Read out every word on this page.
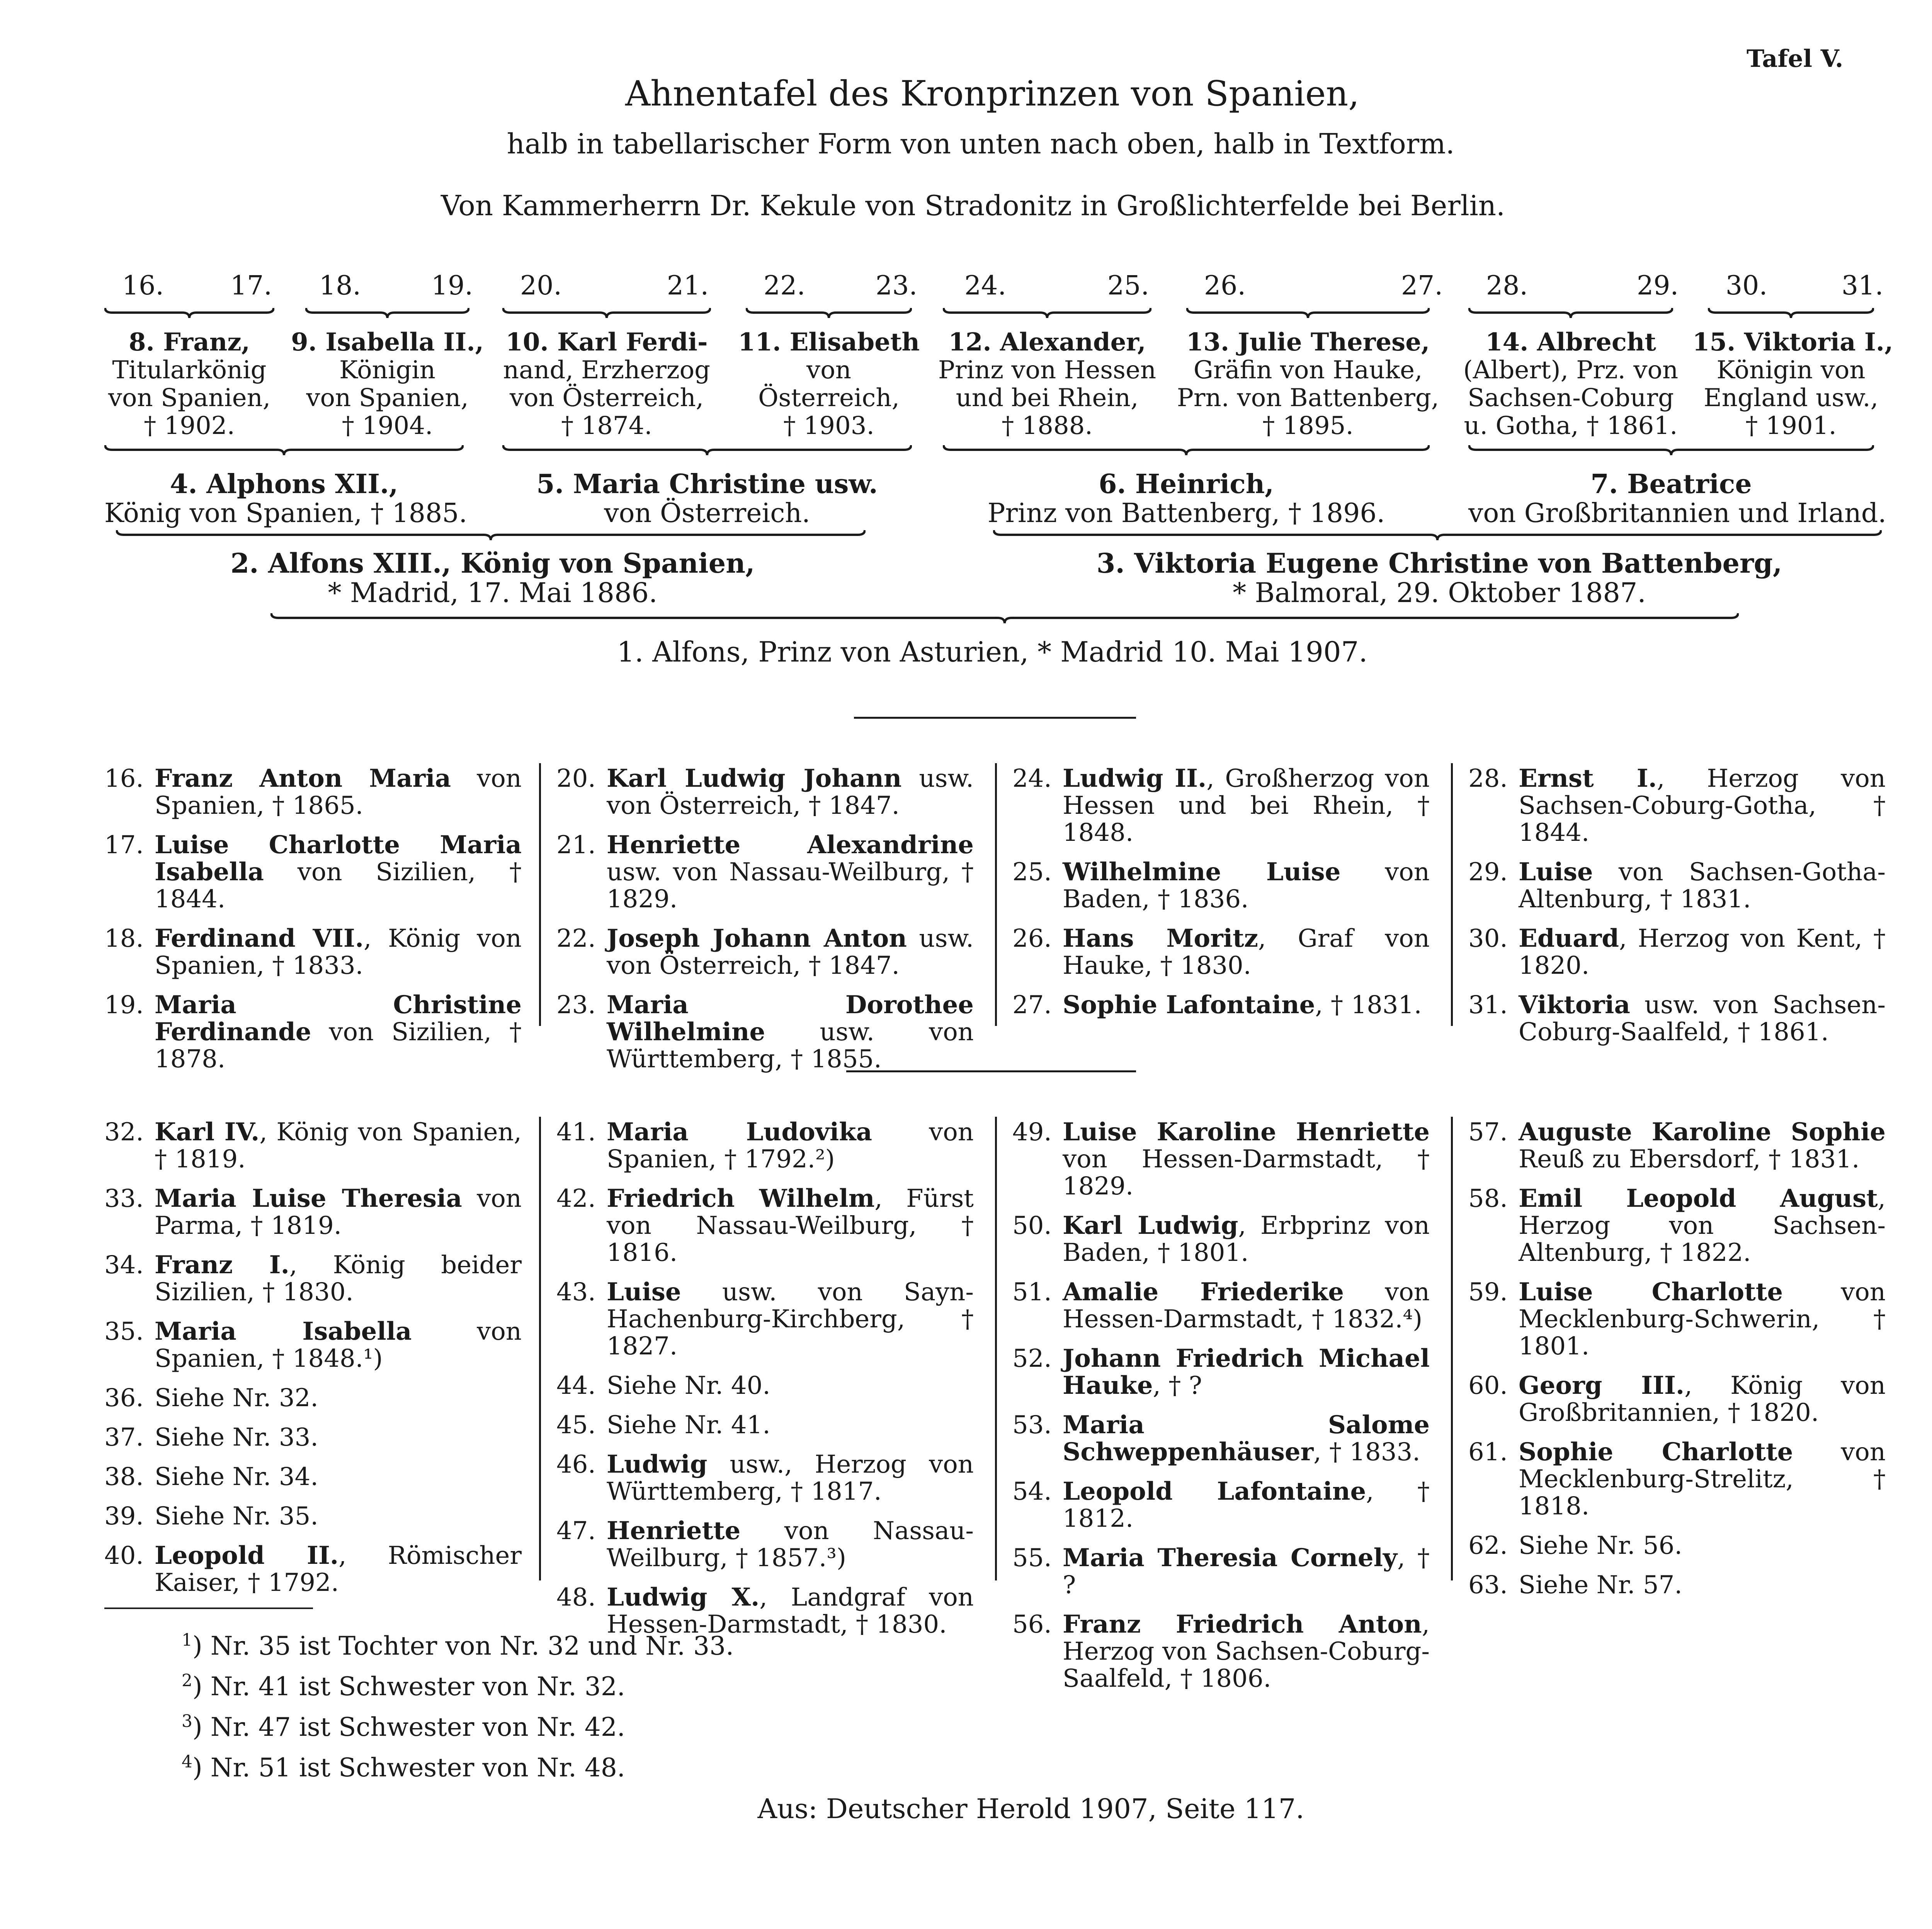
Tafel V.
Ahnentafel des Kronprinzen von Spanien,
halb in tabellarischer Form von unten nach oben, halb in Textform.
Von Kammerherrn Dr. Kekule von Stradonitz in Großlichterfelde bei Berlin.
16.	17. 18.	19. 20.	21. 22.	23. 24.	25. 26.	27. 28.	29. 30.	31.
8. Franz,
Titularkönig
von Spanien,
† 1902.
9. Isabella II.,
Königin
von Spanien,
† 1904.
10. Karl Ferdi-
nand, Erzherzog
von Österreich,
† 1874.
11. Elisabeth
von
Österreich,
† 1903.
12. Alexander,
Prinz von Hessen
und bei Rhein,
† 1888.
13. Julie Therese,
Gräfin von Hauke,
Prn. von Battenberg,
† 1895.
14. Albrecht
(Albert), Prz. von
Sachsen-Coburg
u. Gotha, † 1861.
15. Viktoria I.,
Königin von
England usw.,
† 1901.
4. Alphons XII.,
König von Spanien, † 1885.
5. Maria Christine usw.
von Österreich.
6. Heinrich,
Prinz von Battenberg, † 1896.
7. Beatrice
von Großbritannien und Irland.
2. Alfons XIII., König von Spanien,
* Madrid, 17. Mai 1886.
3. Viktoria Eugene Christine von Battenberg,
* Balmoral, 29. Oktober 1887.
1. Alfons, Prinz von Asturien, * Madrid 10. Mai 1907.
16. Franz Anton Maria von Spanien, † 1865.
17. Luise Charlotte Maria Isabella von Sizilien, † 1844.
18. Ferdinand VII., König von Spanien, † 1833.
19. Maria Christine Ferdinande von Sizilien, † 1878.
20. Karl Ludwig Johann usw. von Österreich, † 1847.
21. Henriette Alexandrine usw. von Nassau-Weilburg, † 1829.
22. Joseph Johann Anton usw. von Österreich, † 1847.
23. Maria Dorothee Wilhelmine usw. von Württemberg, † 1855.
24. Ludwig II., Großherzog von Hessen und bei Rhein, † 1848.
25. Wilhelmine Luise von Baden, † 1836.
26. Hans Moritz, Graf von Hauke, † 1830.
27. Sophie Lafontaine, † 1831.
28. Ernst I., Herzog von Sachsen-Coburg-Gotha, † 1844.
29. Luise von Sachsen-Gotha-Altenburg, † 1831.
30. Eduard, Herzog von Kent, † 1820.
31. Viktoria usw. von Sachsen-Coburg-Saalfeld, † 1861.
32. Karl IV., König von Spanien, † 1819.
33. Maria Luise Theresia von Parma, † 1819.
34. Franz I., König beider Sizilien, † 1830.
35. Maria Isabella von Spanien, † 1848.¹)
36. Siehe Nr. 32.
37. Siehe Nr. 33.
38. Siehe Nr. 34.
39. Siehe Nr. 35.
40. Leopold II., Römischer Kaiser, † 1792.
41. Maria Ludovika von Spanien, † 1792.²)
42. Friedrich Wilhelm, Fürst von Nassau-Weilburg, † 1816.
43. Luise usw. von Sayn-Hachenburg-Kirchberg, † 1827.
44. Siehe Nr. 40.
45. Siehe Nr. 41.
46. Ludwig usw., Herzog von Württemberg, † 1817.
47. Henriette von Nassau-Weilburg, † 1857.³)
48. Ludwig X., Landgraf von Hessen-Darmstadt, † 1830.
49. Luise Karoline Henriette von Hessen-Darmstadt, † 1829.
50. Karl Ludwig, Erbprinz von Baden, † 1801.
51. Amalie Friederike von Hessen-Darmstadt, † 1832.⁴)
52. Johann Friedrich Michael Hauke, † ?
53. Maria Salome Schweppenhäuser, † 1833.
54. Leopold Lafontaine, † 1812.
55. Maria Theresia Cornely, † ?
56. Franz Friedrich Anton, Herzog von Sachsen-Coburg-Saalfeld, † 1806.
57. Auguste Karoline Sophie Reuß zu Ebersdorf, † 1831.
58. Emil Leopold August, Herzog von Sachsen-Altenburg, † 1822.
59. Luise Charlotte von Mecklenburg-Schwerin, † 1801.
60. Georg III., König von Großbritannien, † 1820.
61. Sophie Charlotte von Mecklenburg-Strelitz, † 1818.
62. Siehe Nr. 56.
63. Siehe Nr. 57.
$^1$) Nr. 35 ist Tochter von Nr. 32 und Nr. 33.
$^2$) Nr. 41 ist Schwester von Nr. 32.
$^3$) Nr. 47 ist Schwester von Nr. 42.
$^4$) Nr. 51 ist Schwester von Nr. 48.
Aus: Deutscher Herold 1907, Seite 117.
